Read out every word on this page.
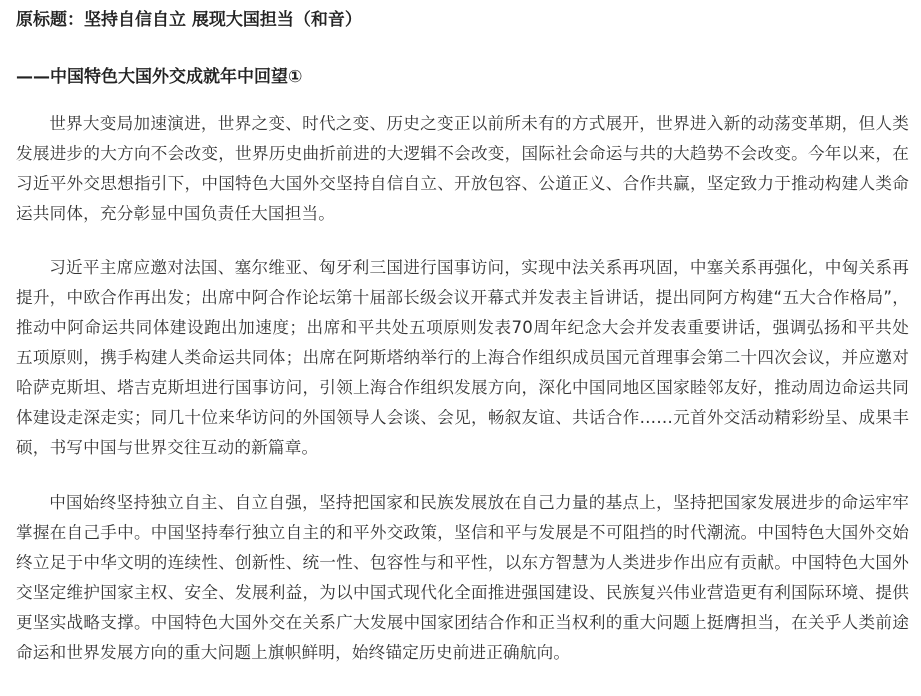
原标题：坚持自信自立 展现大国担当（和音）
——中国特色大国外交成就年中回望①

世界大变局加速演进，世界之变、时代之变、历史之变正以前所未有的方式展开，世界进入新的动荡变革期，但人类发展进步的大方向不会改变，世界历史曲折前进的大逻辑不会改变，国际社会命运与共的大趋势不会改变。今年以来，在习近平外交思想指引下，中国特色大国外交坚持自信自立、开放包容、公道正义、合作共赢，坚定致力于推动构建人类命运共同体，充分彰显中国负责任大国担当。

习近平主席应邀对法国、塞尔维亚、匈牙利三国进行国事访问，实现中法关系再巩固，中塞关系再强化，中匈关系再提升，中欧合作再出发；出席中阿合作论坛第十届部长级会议开幕式并发表主旨讲话，提出同阿方构建“五大合作格局”，推动中阿命运共同体建设跑出加速度；出席和平共处五项原则发表70周年纪念大会并发表重要讲话，强调弘扬和平共处五项原则，携手构建人类命运共同体；出席在阿斯塔纳举行的上海合作组织成员国元首理事会第二十四次会议，并应邀对哈萨克斯坦、塔吉克斯坦进行国事访问，引领上海合作组织发展方向，深化中国同地区国家睦邻友好，推动周边命运共同体建设走深走实；同几十位来华访问的外国领导人会谈、会见，畅叙友谊、共话合作……元首外交活动精彩纷呈、成果丰硕，书写中国与世界交往互动的新篇章。

中国始终坚持独立自主、自立自强，坚持把国家和民族发展放在自己力量的基点上，坚持把国家发展进步的命运牢牢掌握在自己手中。中国坚持奉行独立自主的和平外交政策，坚信和平与发展是不可阻挡的时代潮流。中国特色大国外交始终立足于中华文明的连续性、创新性、统一性、包容性与和平性，以东方智慧为人类进步作出应有贡献。中国特色大国外交坚定维护国家主权、安全、发展利益，为以中国式现代化全面推进强国建设、民族复兴伟业营造更有利国际环境、提供更坚实战略支撑。中国特色大国外交在关系广大发展中国家团结合作和正当权利的重大问题上挺膺担当，在关乎人类前途命运和世界发展方向的重大问题上旗帜鲜明，始终锚定历史前进正确航向。
